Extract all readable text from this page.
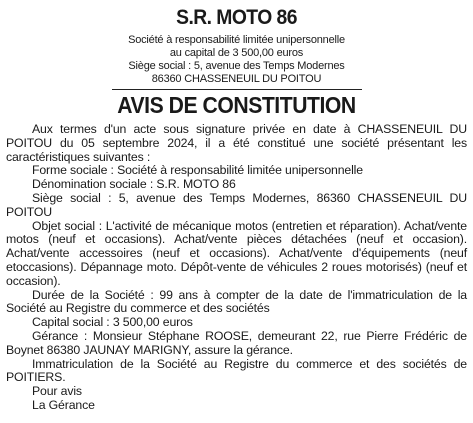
S.R. MOTO 86
Société à responsabilité limitée unipersonnelle
au capital de 3 500,00 euros
Siège social : 5, avenue des Temps Modernes
86360 CHASSENEUIL DU POITOU
AVIS DE CONSTITUTION

Aux termes d'un acte sous signature privée en date à CHASSENEUIL DU POITOU du 05 septembre 2024, il a été constitué une société présentant les caractéristiques suivantes :

Forme sociale : Société à responsabilité limitée unipersonnelle

Dénomination sociale : S.R. MOTO 86

Siège social : 5, avenue des Temps Modernes, 86360 CHASSENEUIL DU POITOU

Objet social : L'activité de mécanique motos (entretien et réparation). Achat/vente motos (neuf et occasions). Achat/vente pièces détachées (neuf et occasion). Achat/vente accessoires (neuf et occasions). Achat/vente d'équipements (neuf etoccasions). Dépannage moto. Dépôt-vente de véhicules 2 roues motorisés) (neuf et occasion).

Durée de la Société : 99 ans à compter de la date de l'immatriculation de la Société au Registre du commerce et des sociétés

Capital social : 3 500,00 euros

Gérance : Monsieur Stéphane ROOSE, demeurant 22, rue Pierre Frédéric de Boynet 86380 JAUNAY MARIGNY, assure la gérance.

Immatriculation de la Société au Registre du commerce et des sociétés de POITIERS.

Pour avis

La Gérance
